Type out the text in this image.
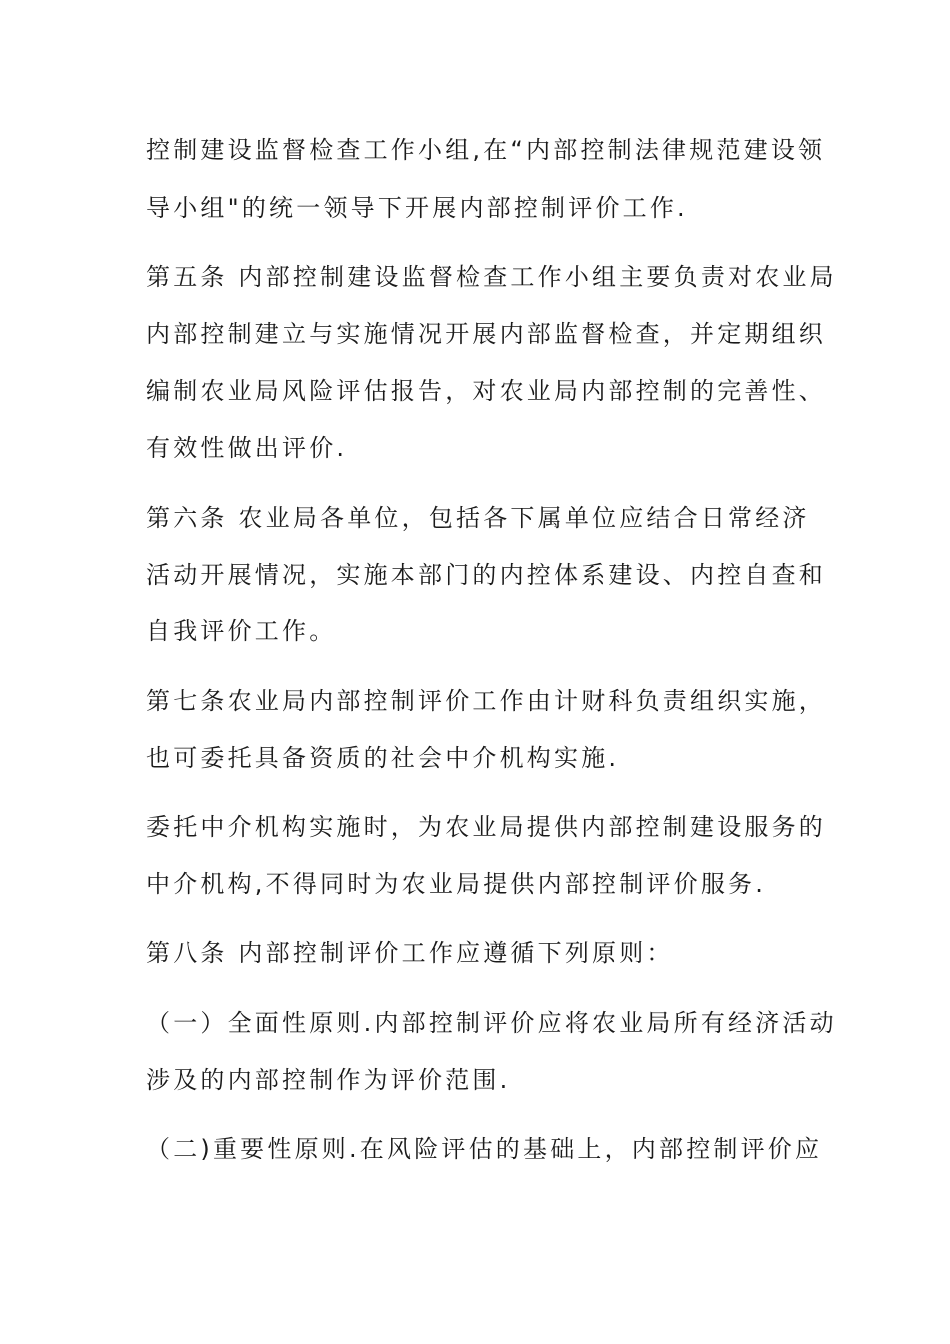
控制建设监督检查工作小组,在“内部控制法律规范建设领
导小组"的统一领导下开展内部控制评价工作.
第五条 内部控制建设监督检查工作小组主要负责对农业局
内部控制建立与实施情况开展内部监督检查，并定期组织
编制农业局风险评估报告，对农业局内部控制的完善性、
有效性做出评价.
第六条 农业局各单位，包括各下属单位应结合日常经济
活动开展情况，实施本部门的内控体系建设、内控自查和
自我评价工作。
第七条农业局内部控制评价工作由计财科负责组织实施，
也可委托具备资质的社会中介机构实施.
委托中介机构实施时，为农业局提供内部控制建设服务的
中介机构,不得同时为农业局提供内部控制评价服务.
第八条 内部控制评价工作应遵循下列原则：
（一）全面性原则.内部控制评价应将农业局所有经济活动
涉及的内部控制作为评价范围.
（二)重要性原则.在风险评估的基础上，内部控制评价应
